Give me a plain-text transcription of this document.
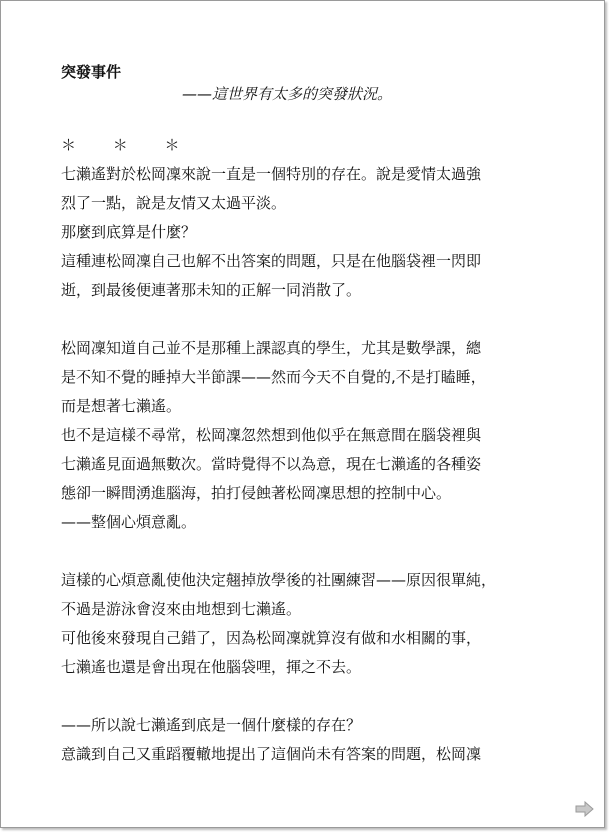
突發事件

——這世界有太多的突發狀況。

＊ ＊ ＊
七瀨遙對於松岡凜來說一直是一個特別的存在。說是愛情太過強
烈了一點，說是友情又太過平淡。
那麼到底算是什麼？
這種連松岡凜自己也解不出答案的問題，只是在他腦袋裡一閃即
逝，到最後便連著那未知的正解一同消散了。
松岡凜知道自己並不是那種上課認真的學生，尤其是數學課，總
是不知不覺的睡掉大半節課——然而今天不自覺的,不是打瞌睡，
而是想著七瀨遙。
也不是這樣不尋常，松岡凜忽然想到他似乎在無意間在腦袋裡與
七瀨遙見面過無數次。當時覺得不以為意，現在七瀨遙的各種姿
態卻一瞬間湧進腦海，拍打侵蝕著松岡凜思想的控制中心。
——整個心煩意亂。
這樣的心煩意亂使他決定翹掉放學後的社團練習——原因很單純，
不過是游泳會沒來由地想到七瀨遙。
可他後來發現自己錯了，因為松岡凜就算沒有做和水相關的事，
七瀨遙也還是會出現在他腦袋哩，揮之不去。
——所以說七瀨遙到底是一個什麼樣的存在？
意識到自己又重蹈覆轍地提出了這個尚未有答案的問題，松岡凜
